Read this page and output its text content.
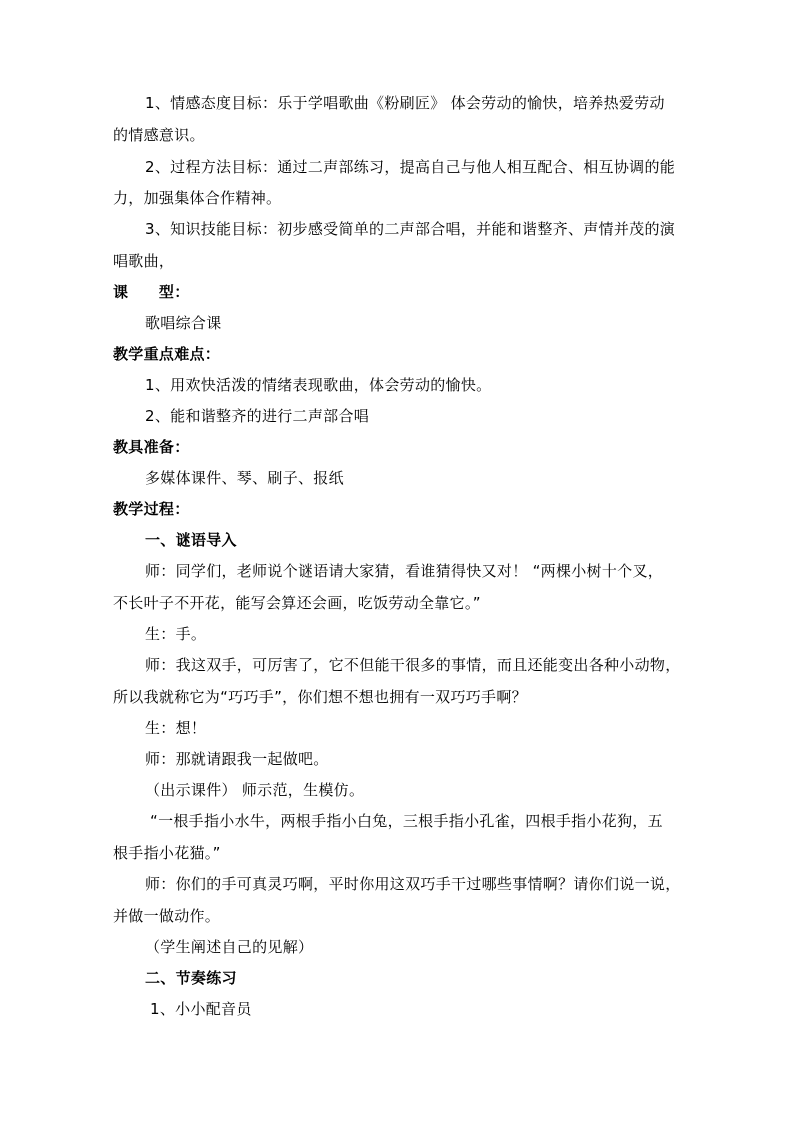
1、情感态度目标：乐于学唱歌曲《粉刷匠》 体会劳动的愉快，培养热爱劳动
的情感意识。
2、过程方法目标：通过二声部练习，提高自己与他人相互配合、相互协调的能
力，加强集体合作精神。
3、知识技能目标：初步感受简单的二声部合唱，并能和谐整齐、声情并茂的演
唱歌曲，
课　　型：
歌唱综合课
教学重点难点：
1、用欢快活泼的情绪表现歌曲，体会劳动的愉快。
2、能和谐整齐的进行二声部合唱
教具准备：
多媒体课件、琴、刷子、报纸
教学过程：
一、谜语导入
师：同学们，老师说个谜语请大家猜，看谁猜得快又对！ “两棵小树十个叉，
不长叶子不开花，能写会算还会画，吃饭劳动全靠它。”
生：手。
师：我这双手，可厉害了，它不但能干很多的事情，而且还能变出各种小动物，
所以我就称它为“巧巧手”，你们想不想也拥有一双巧巧手啊？
生：想！
师：那就请跟我一起做吧。
（出示课件） 师示范，生模仿。
“一根手指小水牛，两根手指小白兔，三根手指小孔雀，四根手指小花狗，五
根手指小花猫。”
师：你们的手可真灵巧啊，平时你用这双巧手干过哪些事情啊？请你们说一说，
并做一做动作。
（学生阐述自己的见解）
二、节奏练习
1、小小配音员
